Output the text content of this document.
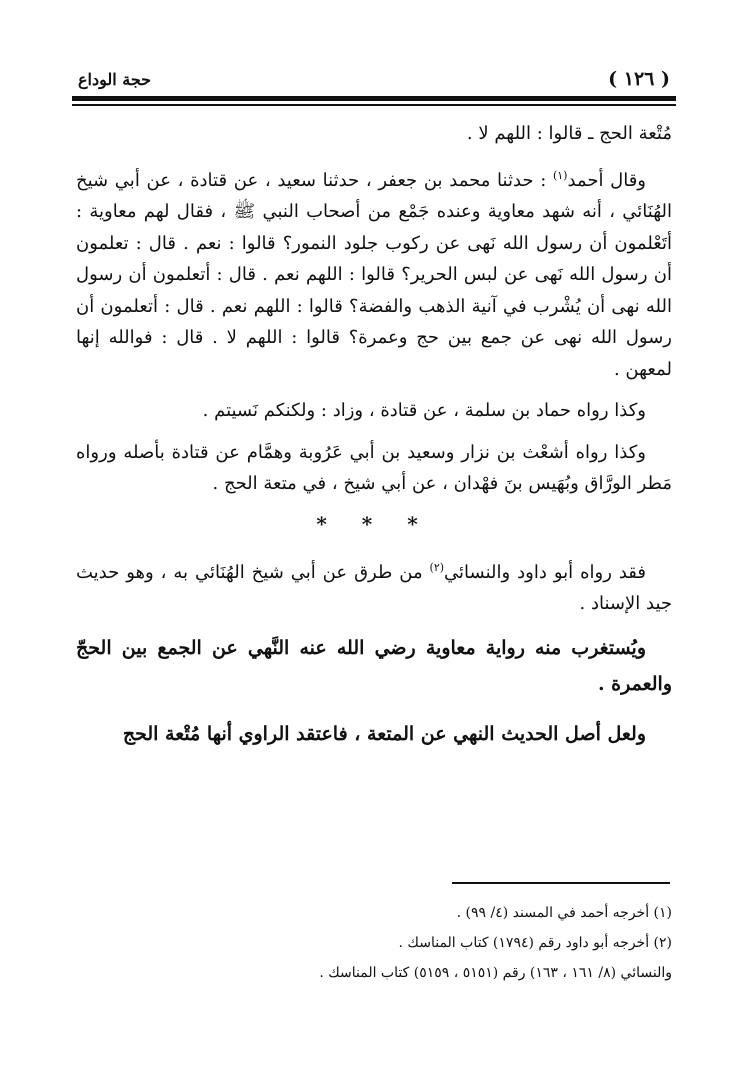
( ١٢٦ )
حجة الوداع

مُتْعة الحج ـ قالوا : اللهم لا .

وقال أحمد$^{(١)}$ : حدثنا محمد بن جعفر ، حدثنا سعيد ، عن قتادة ، عن أبي شيخ الهُنَائي ، أنه شهد معاوية وعنده جَمْع من أصحاب النبي ﷺ ، فقال لهم معاوية : أتَعْلمون أن رسول الله نَهى عن ركوب جلود النمور؟ قالوا : نعم . قال : تعلمون أن رسول الله نَهى عن لبس الحرير؟ قالوا : اللهم نعم . قال : أتعلمون أن رسول الله نهى أن يُشْرب في آنية الذهب والفضة؟ قالوا : اللهم نعم . قال : أتعلمون أن رسول الله نهى عن جمع بين حج وعمرة؟ قالوا : اللهم لا . قال : فوالله إنها لمعهن .

وكذا رواه حماد بن سلمة ، عن قتادة ، وزاد : ولكنكم نَسيتم .

وكذا رواه أشعْث بن نزار وسعيد بن أبي عَرُوبة وهمَّام عن قتادة بأصله ورواه مَطر الورَّاق وبُهَيس بنَ فهْدان ، عن أبي شيخ ، في متعة الحج .

* * *

فقد رواه أبو داود والنسائي$^{(٢)}$ من طرق عن أبي شيخ الهُنَائي به ، وهو حديث جيد الإسناد .

ويُستغرب منه رواية معاوية رضي الله عنه النَّهي عن الجمع بين الحجّ والعمرة .

ولعل أصل الحديث النهي عن المتعة ، فاعتقد الراوي أنها مُتْعة الحج

(١) أخرجه أحمد في المسند (٤/ ٩٩) .

(٢) أخرجه أبو داود رقم (١٧٩٤) كتاب المناسك .

والنسائي (٨/ ١٦١ ، ١٦٣) رقم (٥١٥١ ، ٥١٥٩) كتاب المناسك .
